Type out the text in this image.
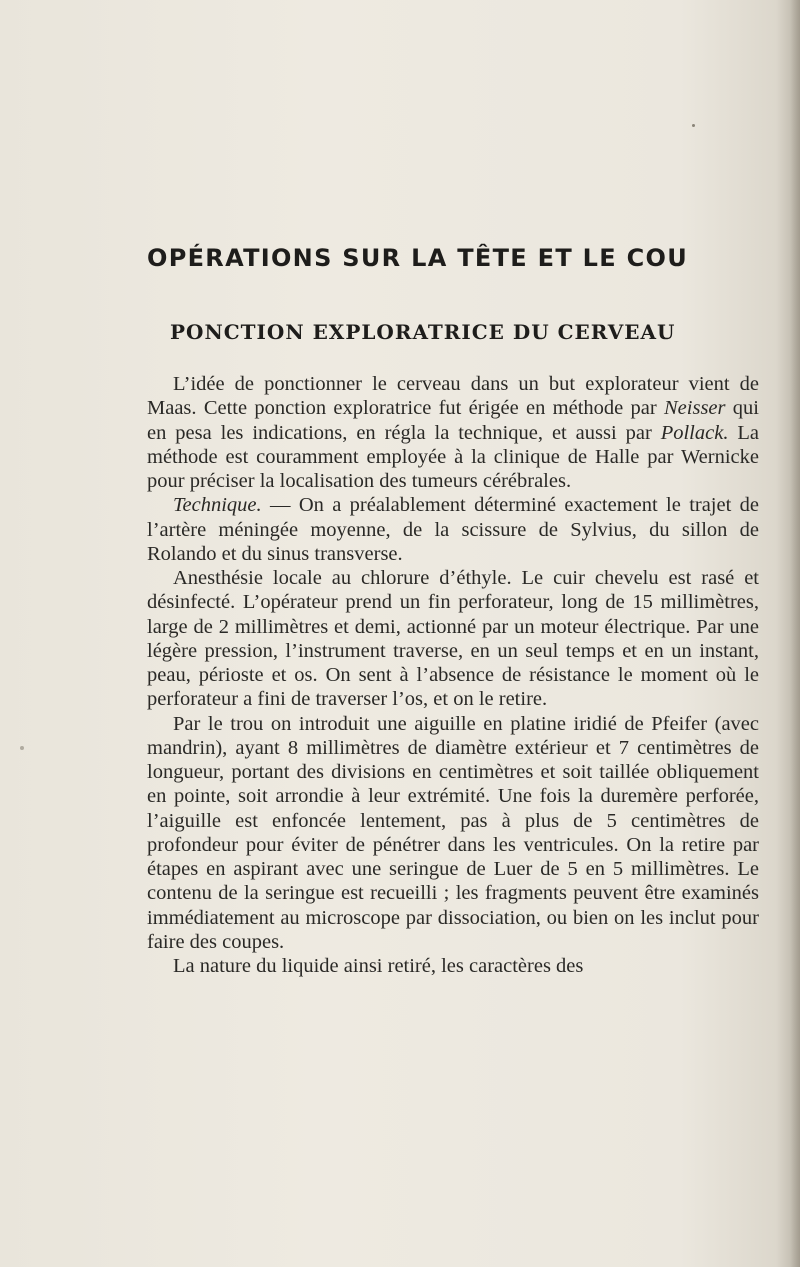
OPÉRATIONS SUR LA TÊTE ET LE COU
PONCTION EXPLORATRICE DU CERVEAU

L’idée de ponctionner le cerveau dans un but explorateur vient de Maas. Cette ponction exploratrice fut érigée en méthode par Neisser qui en pesa les indications, en régla la technique, et aussi par Pollack. La méthode est couramment employée à la clinique de Halle par Wernicke pour préciser la localisation des tumeurs cérébrales.

Technique. — On a préalablement déterminé exactement le trajet de l’artère méningée moyenne, de la scissure de Sylvius, du sillon de Rolando et du sinus transverse.

Anesthésie locale au chlorure d’éthyle. Le cuir chevelu est rasé et désinfecté. L’opérateur prend un fin perforateur, long de 15 millimètres, large de 2 millimètres et demi, actionné par un moteur électrique. Par une légère pression, l’instrument traverse, en un seul temps et en un instant, peau, périoste et os. On sent à l’absence de résistance le moment où le perforateur a fini de traverser l’os, et on le retire.

Par le trou on introduit une aiguille en platine iridié de Pfeifer (avec mandrin), ayant 8 millimètres de diamètre extérieur et 7 centimètres de longueur, portant des divisions en centimètres et soit taillée obliquement en pointe, soit arrondie à leur extrémité. Une fois la duremère perforée, l’aiguille est enfoncée lentement, pas à plus de 5 centimètres de profondeur pour éviter de pénétrer dans les ventricules. On la retire par étapes en aspirant avec une seringue de Luer de 5 en 5 millimètres. Le contenu de la seringue est recueilli ; les fragments peuvent être examinés immédiatement au microscope par dissociation, ou bien on les inclut pour faire des coupes.

La nature du liquide ainsi retiré, les caractères des
